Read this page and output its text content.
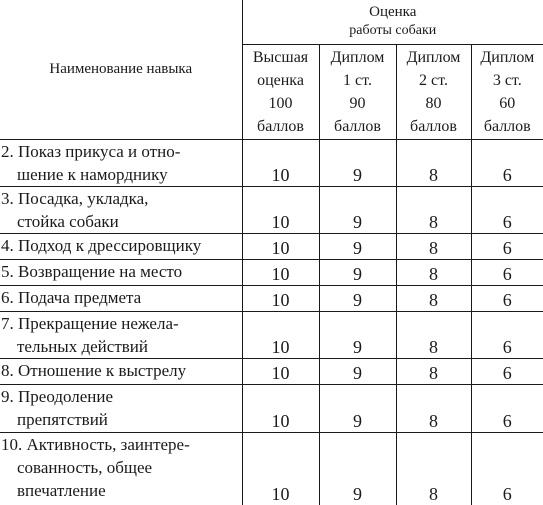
Наименование навыка	Оценка
работы собаки			

	Высшая
оценка
100
баллов	Диплом
1 ст.
90
баллов	Диплом
2 ст.
80
баллов	Диплом
3 ст.
60
баллов

2. Показ прикуса и отно-
шение к наморднику	10	9	8	6

3. Посадка, укладка,
стойка собаки	10	9	8	6

4. Подход к дрессировщику	10	9	8	6

5. Возвращение на место	10	9	8	6

6. Подача предмета	10	9	8	6

7. Прекращение нежела-
тельных действий	10	9	8	6

8. Отношение к выстрелу	10	9	8	6

9. Преодоление
препятствий	10	9	8	6

10. Активность, заинтере-
сованность, общее
впечатление	10	9	8	6
